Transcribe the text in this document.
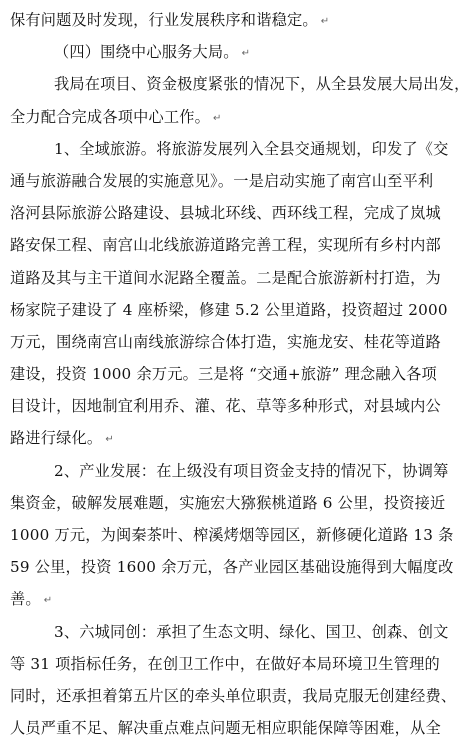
保有问题及时发现，行业发展秩序和谐稳定。 ↵
（四）围绕中心服务大局。 ↵
我局在项目、资金极度紧张的情况下，从全县发展大局出发，
全力配合完成各项中心工作。 ↵
1、全域旅游。将旅游发展列入全县交通规划，印发了《交
通与旅游融合发展的实施意见》。一是启动实施了南宫山至平利
洛河县际旅游公路建设、县城北环线、西环线工程，完成了岚城
路安保工程、南宫山北线旅游道路完善工程，实现所有乡村内部
道路及其与主干道间水泥路全覆盖。二是配合旅游新村打造，为
杨家院子建设了 4 座桥梁，修建 5.2 公里道路，投资超过 2000
万元，围绕南宫山南线旅游综合体打造，实施龙安、桂花等道路
建设，投资 1000 余万元。三是将 “交通+旅游” 理念融入各项
目设计，因地制宜利用乔、灌、花、草等多种形式，对县域内公
路进行绿化。 ↵
2、产业发展：在上级没有项目资金支持的情况下，协调筹
集资金，破解发展难题，实施宏大猕猴桃道路 6 公里，投资接近
1000 万元，为闽秦茶叶、榨溪烤烟等园区，新修硬化道路 13 条
59 公里，投资 1600 余万元，各产业园区基础设施得到大幅度改
善。 ↵
3、六城同创：承担了生态文明、绿化、国卫、创森、创文
等 31 项指标任务，在创卫工作中，在做好本局环境卫生管理的
同时，还承担着第五片区的牵头单位职责，我局克服无创建经费、
人员严重不足、解决重点难点问题无相应职能保障等困难，从全
